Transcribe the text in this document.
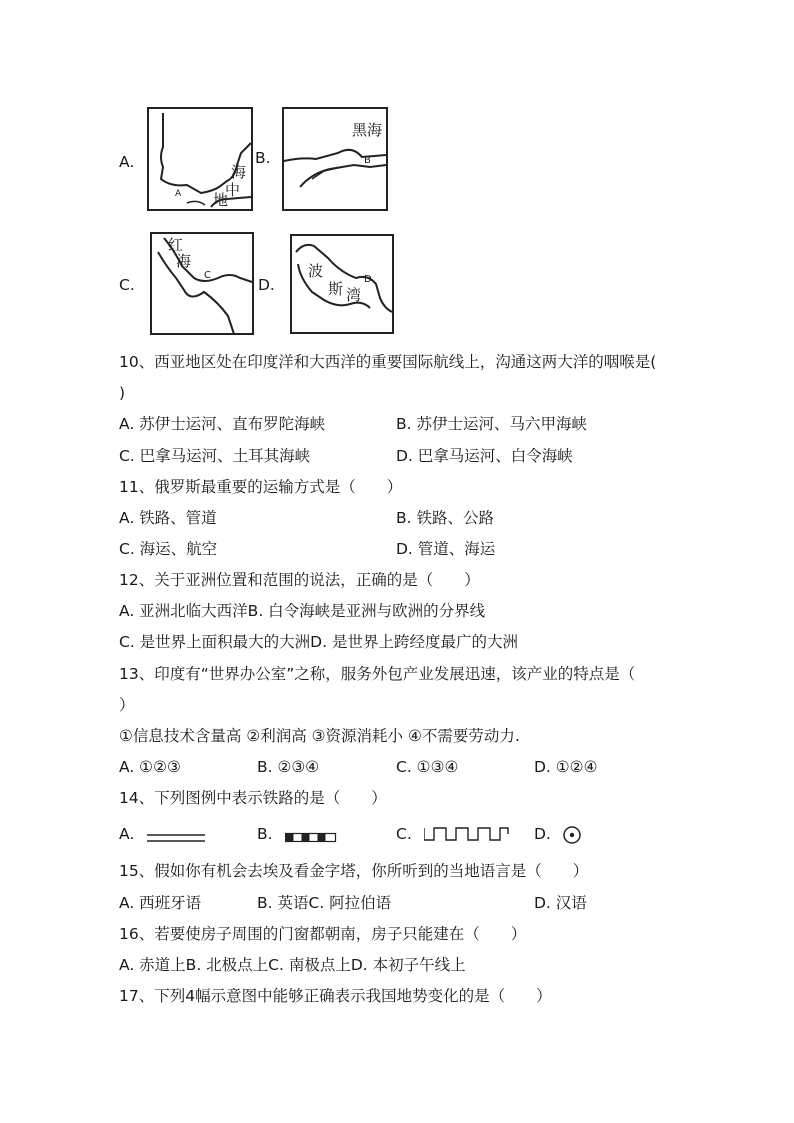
A.
海
中
地
A
B.
黑海
B
C.
红
海
C
D.
波
斯 湾
D
10、西亚地区处在印度洋和大西洋的重要国际航线上，沟通这两大洋的咽喉是(
)
A. 苏伊士运河、直布罗陀海峡	B. 苏伊士运河、马六甲海峡
C. 巴拿马运河、土耳其海峡	D. 巴拿马运河、白令海峡
11、俄罗斯最重要的运输方式是（　　）
A. 铁路、管道	B. 铁路、公路
C. 海运、航空	D. 管道、海运
12、关于亚洲位置和范围的说法，正确的是（　　）
A. 亚洲北临大西洋B. 白令海峡是亚洲与欧洲的分界线
C. 是世界上面积最大的大洲D. 是世界上跨经度最广的大洲
13、印度有“世界办公室”之称，服务外包产业发展迅速，该产业的特点是（
）
①信息技术含量高 ②利润高 ③资源消耗小 ④不需要劳动力.
A. ①②③	B. ②③④	C. ①③④	D. ①②④
14、下列图例中表示铁路的是（　　）
A.	B.	C.	D.
15、假如你有机会去埃及看金字塔，你所听到的当地语言是（　　）
A. 西班牙语	B. 英语C. 阿拉伯语	D. 汉语
16、若要使房子周围的门窗都朝南，房子只能建在（　　）
A. 赤道上B. 北极点上C. 南极点上D. 本初子午线上
17、下列4幅示意图中能够正确表示我国地势变化的是（　　）
